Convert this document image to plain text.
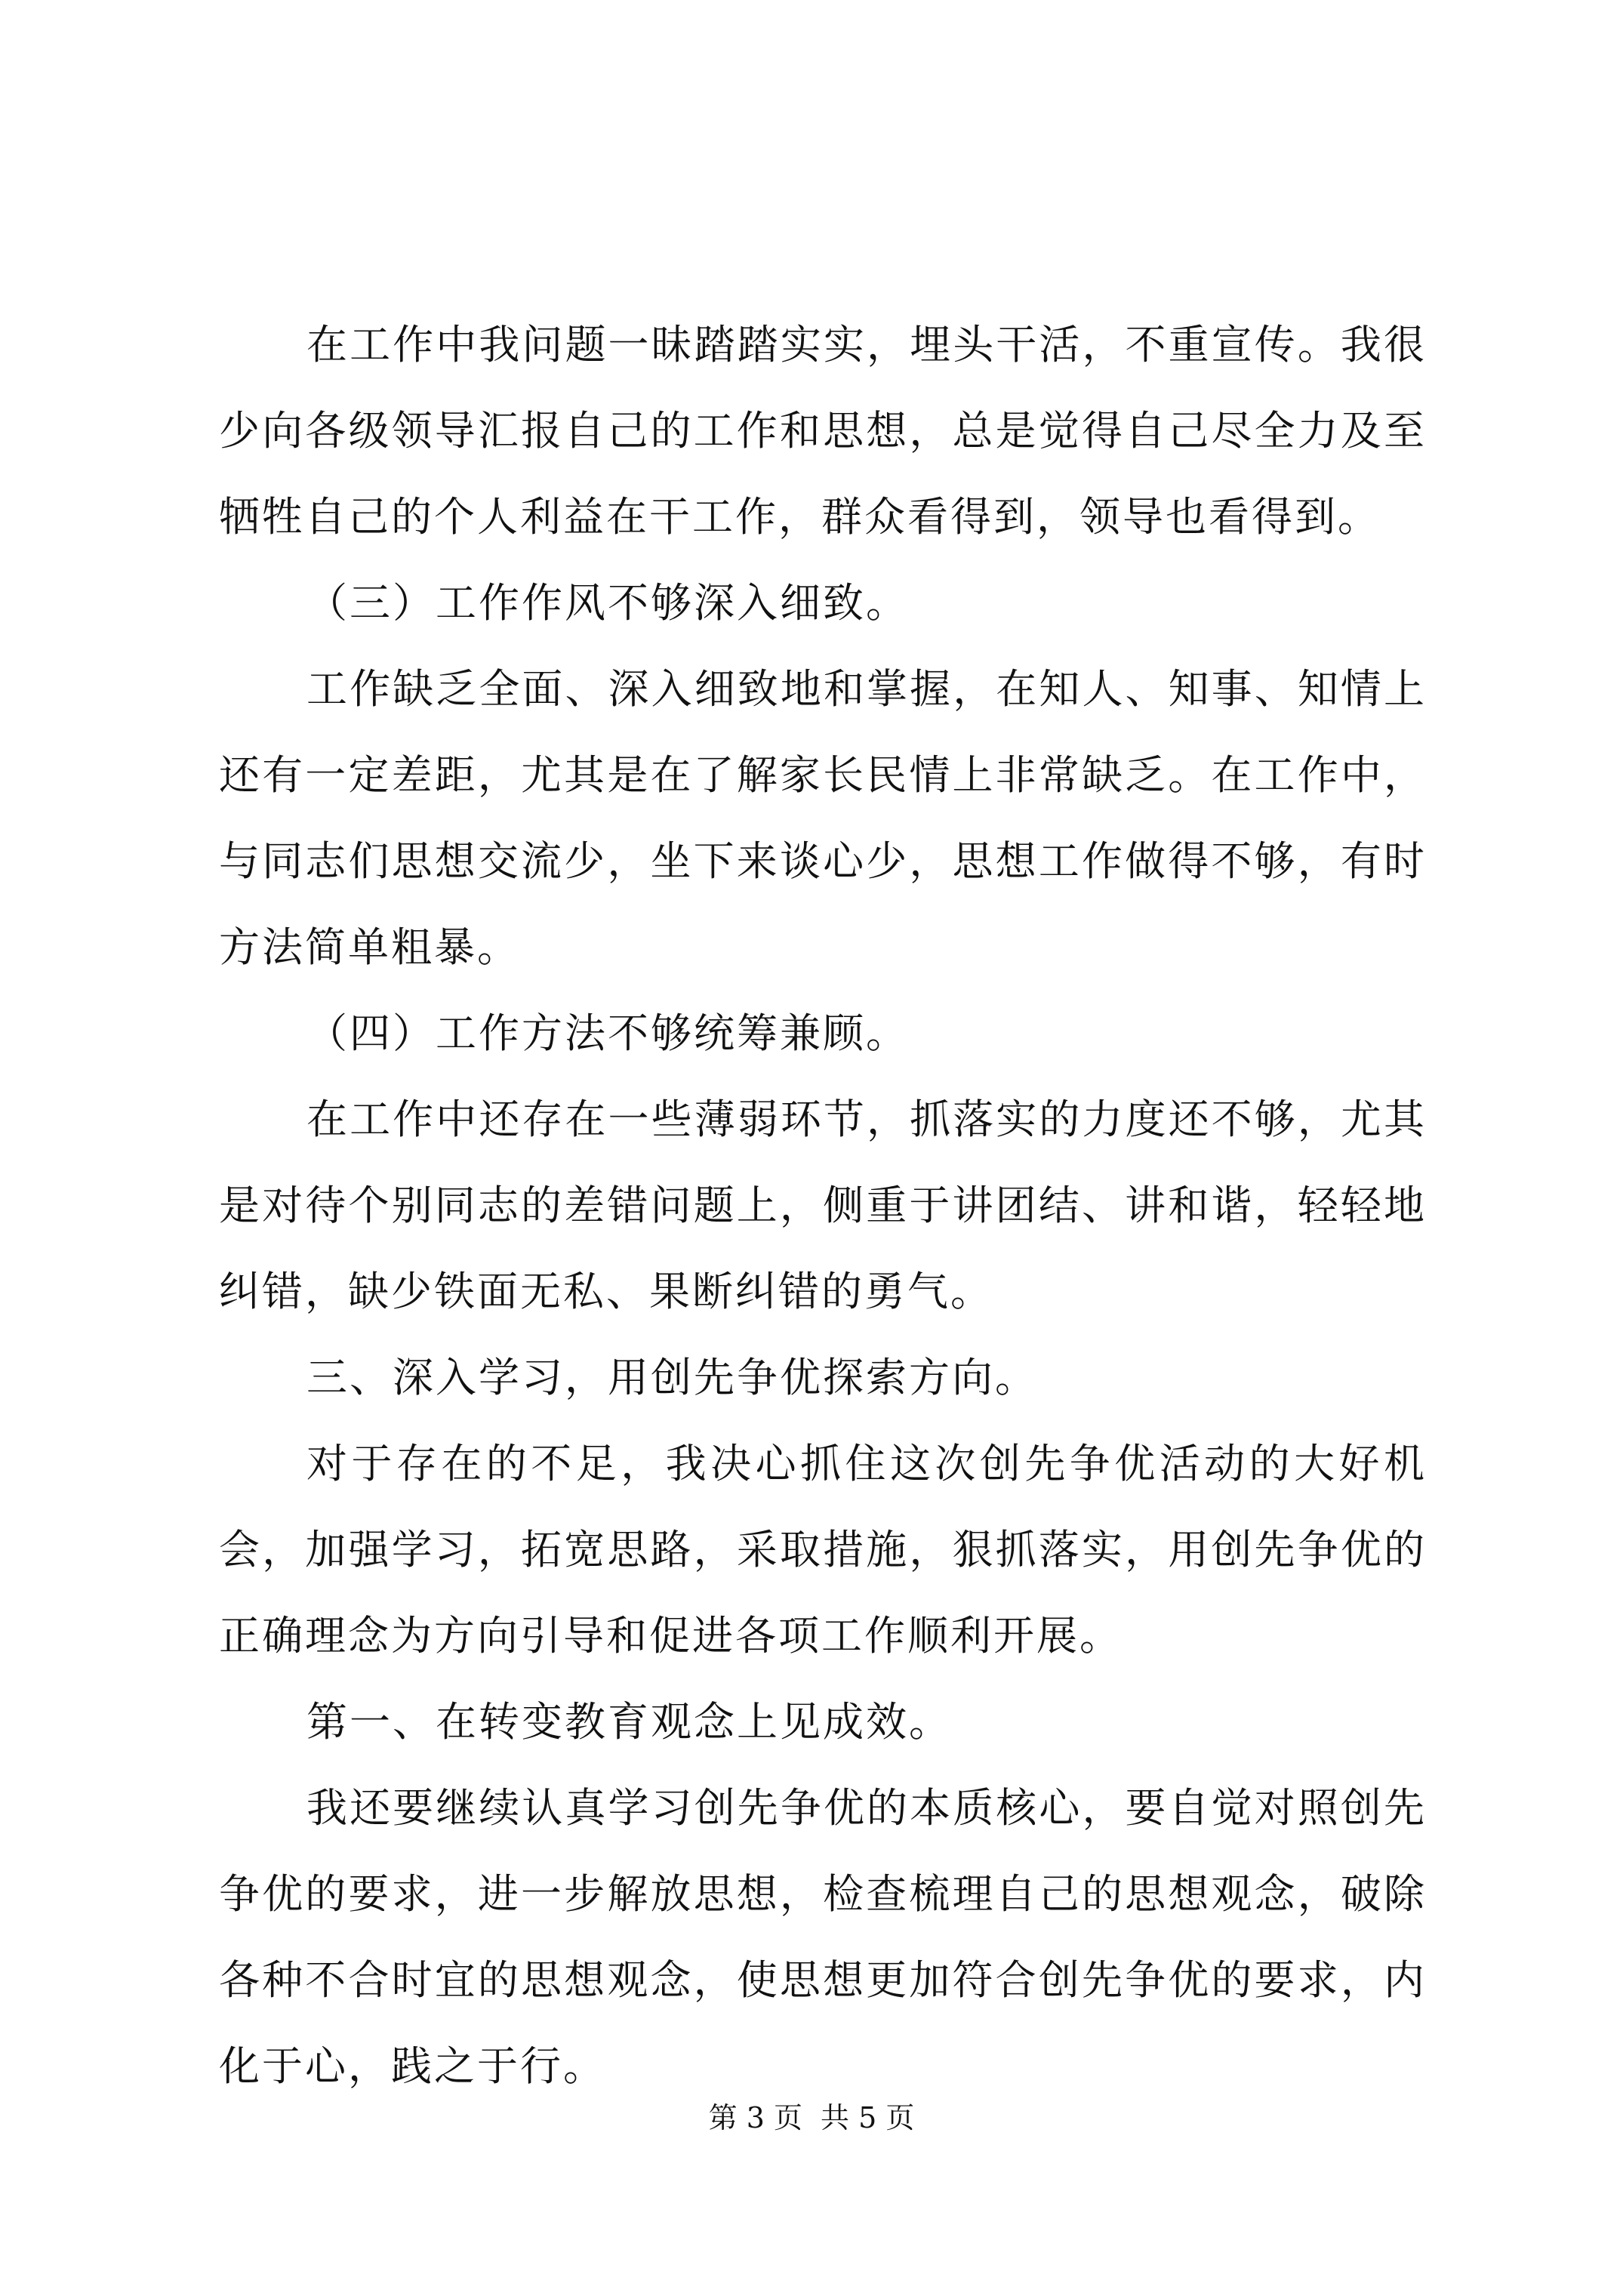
在工作中我问题一昧踏踏实实，埋头干活，不重宣传。我很少向各级领导汇报自己的工作和思想，总是觉得自己尽全力及至牺牲自己的个人利益在干工作，群众看得到，领导也看得到。

（三）工作作风不够深入细致。

工作缺乏全面、深入细致地和掌握，在知人、知事、知情上还有一定差距，尤其是在了解家长民情上非常缺乏。在工作中，与同志们思想交流少，坐下来谈心少，思想工作做得不够，有时方法简单粗暴。

（四）工作方法不够统筹兼顾。

在工作中还存在一些薄弱环节，抓落实的力度还不够，尤其是对待个别同志的差错问题上，侧重于讲团结、讲和谐，轻轻地纠错，缺少铁面无私、果断纠错的勇气。

三、深入学习，用创先争优探索方向。

对于存在的不足，我决心抓住这次创先争优活动的大好机会，加强学习，拓宽思路，采取措施，狠抓落实，用创先争优的正确理念为方向引导和促进各项工作顺利开展。

第一、在转变教育观念上见成效。

我还要继续认真学习创先争优的本质核心，要自觉对照创先争优的要求，进一步解放思想，检查梳理自己的思想观念，破除各种不合时宜的思想观念，使思想更加符合创先争优的要求，内化于心，践之于行。

第 3 页 共 5 页
